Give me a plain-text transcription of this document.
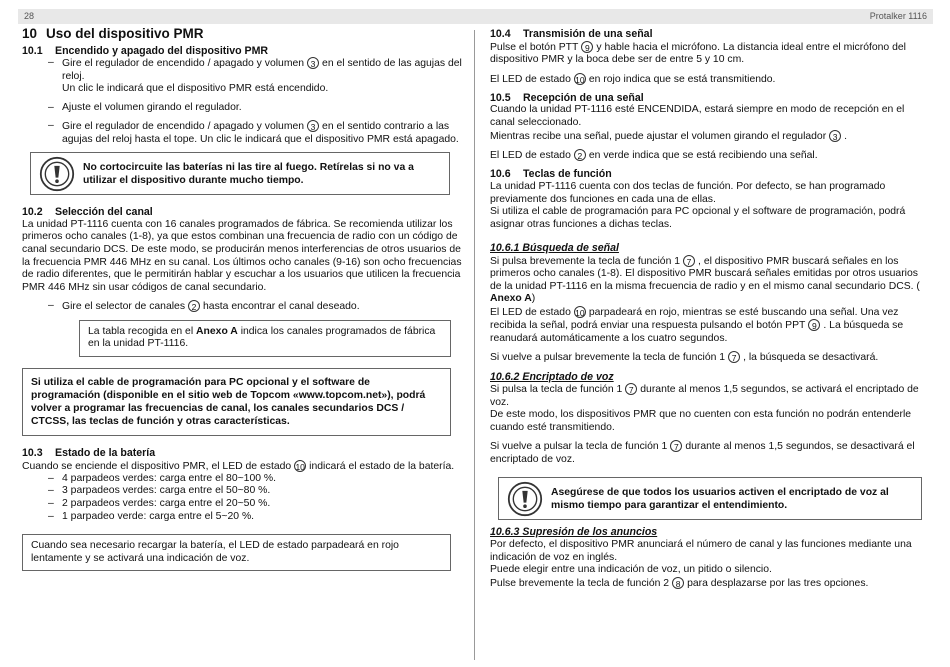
28	Protalker 1116
10 Uso del dispositivo PMR
10.1 Encendido y apagado del dispositivo PMR
– Gire el regulador de encendido / apagado y volumen 3 en el sentido de las agujas del reloj.
Un clic le indicará que el dispositivo PMR está encendido.
– Ajuste el volumen girando el regulador.
– Gire el regulador de encendido / apagado y volumen 3 en el sentido contrario a las agujas del reloj hasta el tope. Un clic le indicará que el dispositivo PMR está apagado.
No cortocircuite las baterías ni las tire al fuego. Retírelas si no va a utilizar el dispositivo durante mucho tiempo.
10.2 Selección del canal
La unidad PT-1116 cuenta con 16 canales programados de fábrica. Se recomienda utilizar los primeros ocho canales (1-8), ya que estos combinan una frecuencia de radio con un código de canal secundario DCS. De este modo, se producirán menos interferencias de otros usuarios de la frecuencia PMR 446 MHz en su canal. Los últimos ocho canales (9-16) son ocho frecuencias de radio diferentes, que le permitirán hablar y escuchar a los usuarios que utilicen la frecuencia PMR 446 MHz sin usar códigos de canal secundario.
– Gire el selector de canales 2 hasta encontrar el canal deseado.
La tabla recogida en el Anexo A indica los canales programados de fábrica en la unidad PT-1116.
Si utiliza el cable de programación para PC opcional y el software de programación (disponible en el sitio web de Topcom «www.topcom.net»), podrá volver a programar las frecuencias de canal, los canales secundarios DCS / CTCSS, las teclas de función y otras características.
10.3 Estado de la batería
Cuando se enciende el dispositivo PMR, el LED de estado 10 indicará el estado de la batería.
– 4 parpadeos verdes: carga entre el 80~100 %.
– 3 parpadeos verdes: carga entre el 50~80 %.
– 2 parpadeos verdes: carga entre el 20~50 %.
– 1 parpadeo verde: carga entre el 5~20 %.
Cuando sea necesario recargar la batería, el LED de estado parpadeará en rojo lentamente y se activará una indicación de voz.
10.4 Transmisión de una señal
Pulse el botón PTT 9 y hable hacia el micrófono. La distancia ideal entre el micrófono del dispositivo PMR y la boca debe ser de entre 5 y 10 cm.
El LED de estado 10 en rojo indica que se está transmitiendo.
10.5 Recepción de una señal
Cuando la unidad PT-1116 esté ENCENDIDA, estará siempre en modo de recepción en el canal seleccionado.
Mientras recibe una señal, puede ajustar el volumen girando el regulador 3 .
El LED de estado 2 en verde indica que se está recibiendo una señal.
10.6 Teclas de función
La unidad PT-1116 cuenta con dos teclas de función. Por defecto, se han programado previamente dos funciones en cada una de ellas.
Si utiliza el cable de programación para PC opcional y el software de programación, podrá asignar otras funciones a dichas teclas.
10.6.1 Búsqueda de señal
Si pulsa brevemente la tecla de función 1 7 , el dispositivo PMR buscará señales en los primeros ocho canales (1-8). El dispositivo PMR buscará señales emitidas por otros usuarios de la unidad PT-1116 en la misma frecuencia de radio y en el mismo canal secundario DCS. ( Anexo A)
El LED de estado 10 parpadeará en rojo, mientras se esté buscando una señal. Una vez recibida la señal, podrá enviar una respuesta pulsando el botón PPT 9 . La búsqueda se reanudará automáticamente a los cuatro segundos.
Si vuelve a pulsar brevemente la tecla de función 1 7 , la búsqueda se desactivará.
10.6.2 Encriptado de voz
Si pulsa la tecla de función 1 7 durante al menos 1,5 segundos, se activará el encriptado de voz.
De este modo, los dispositivos PMR que no cuenten con esta función no podrán entenderle cuando esté transmitiendo.
Si vuelve a pulsar la tecla de función 1 7 durante al menos 1,5 segundos, se desactivará el encriptado de voz.
Asegúrese de que todos los usuarios activen el encriptado de voz al mismo tiempo para garantizar el entendimiento.
10.6.3 Supresión de los anuncios
Por defecto, el dispositivo PMR anunciará el número de canal y las funciones mediante una indicación de voz en inglés.
Puede elegir entre una indicación de voz, un pitido o silencio.
Pulse brevemente la tecla de función 2 8 para desplazarse por las tres opciones.
